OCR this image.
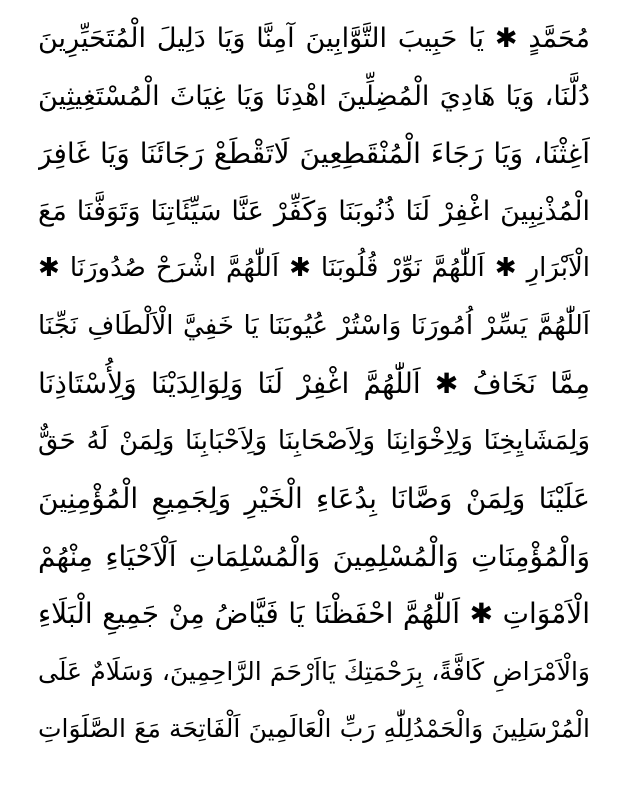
مُحَمَّدٍ ✱ يَا حَبِيبَ التَّوَّابِينَ آمِنَّا وَيَا دَلِيلَ الْمُتَحَيِّرِينَ
دُلَّنَا، وَيَا هَادِيَ الْمُضِلِّينَ اهْدِنَا وَيَا غِيَاثَ الْمُسْتَغِيثِينَ
اَغِثْنَا، وَيَا رَجَاءَ الْمُنْقَطِعِينَ لَاتَقْطَعْ رَجَائَنَا وَيَا غَافِرَ
الْمُذْنِبِينَ اغْفِرْ لَنَا ذُنُوبَنَا وَكَفِّرْ عَنَّا سَيِّئَاتِنَا وَتَوَفَّنَا مَعَ
الْاَبْرَارِ ✱ اَللّٰهُمَّ نَوِّرْ قُلُوبَنَا ✱ اَللّٰهُمَّ اشْرَحْ صُدُورَنَا ✱
اَللّٰهُمَّ يَسِّرْ اُمُورَنَا وَاسْتُرْ عُيُوبَنَا يَا خَفِيَّ الْاَلْطَافِ نَجِّنَا
مِمَّا نَخَافُ ✱ اَللّٰهُمَّ اغْفِرْ لَنَا وَلِوَالِدَيْنَا وَلِأُسْتَاذِنَا
وَلِمَشَايِخِنَا وَلِاِخْوَانِنَا وَلِاَصْحَابِنَا وَلِاَحْبَابِنَا وَلِمَنْ لَهُ حَقٌّ
عَلَيْنَا وَلِمَنْ وَصَّانَا بِدُعَاءِ الْخَيْرِ وَلِجَمِيعِ الْمُؤْمِنِينَ
وَالْمُؤْمِنَاتِ وَالْمُسْلِمِينَ وَالْمُسْلِمَاتِ اَلْاَحْيَاءِ مِنْهُمْ
الْاَمْوَاتِ ✱ اَللّٰهُمَّ احْفَظْنَا يَا فَيَّاضُ مِنْ جَمِيعِ الْبَلَاءِ
وَالْاَمْرَاضِ كَافَّةً، بِرَحْمَتِكَ يَااَرْحَمَ الرَّاحِمِينَ، وَسَلَامٌ عَلَى
الْمُرْسَلِينَ وَالْحَمْدُلِلّٰهِ رَبِّ الْعَالَمِينَ اَلْفَاتِحَة مَعَ الصَّلَوَاتِ
